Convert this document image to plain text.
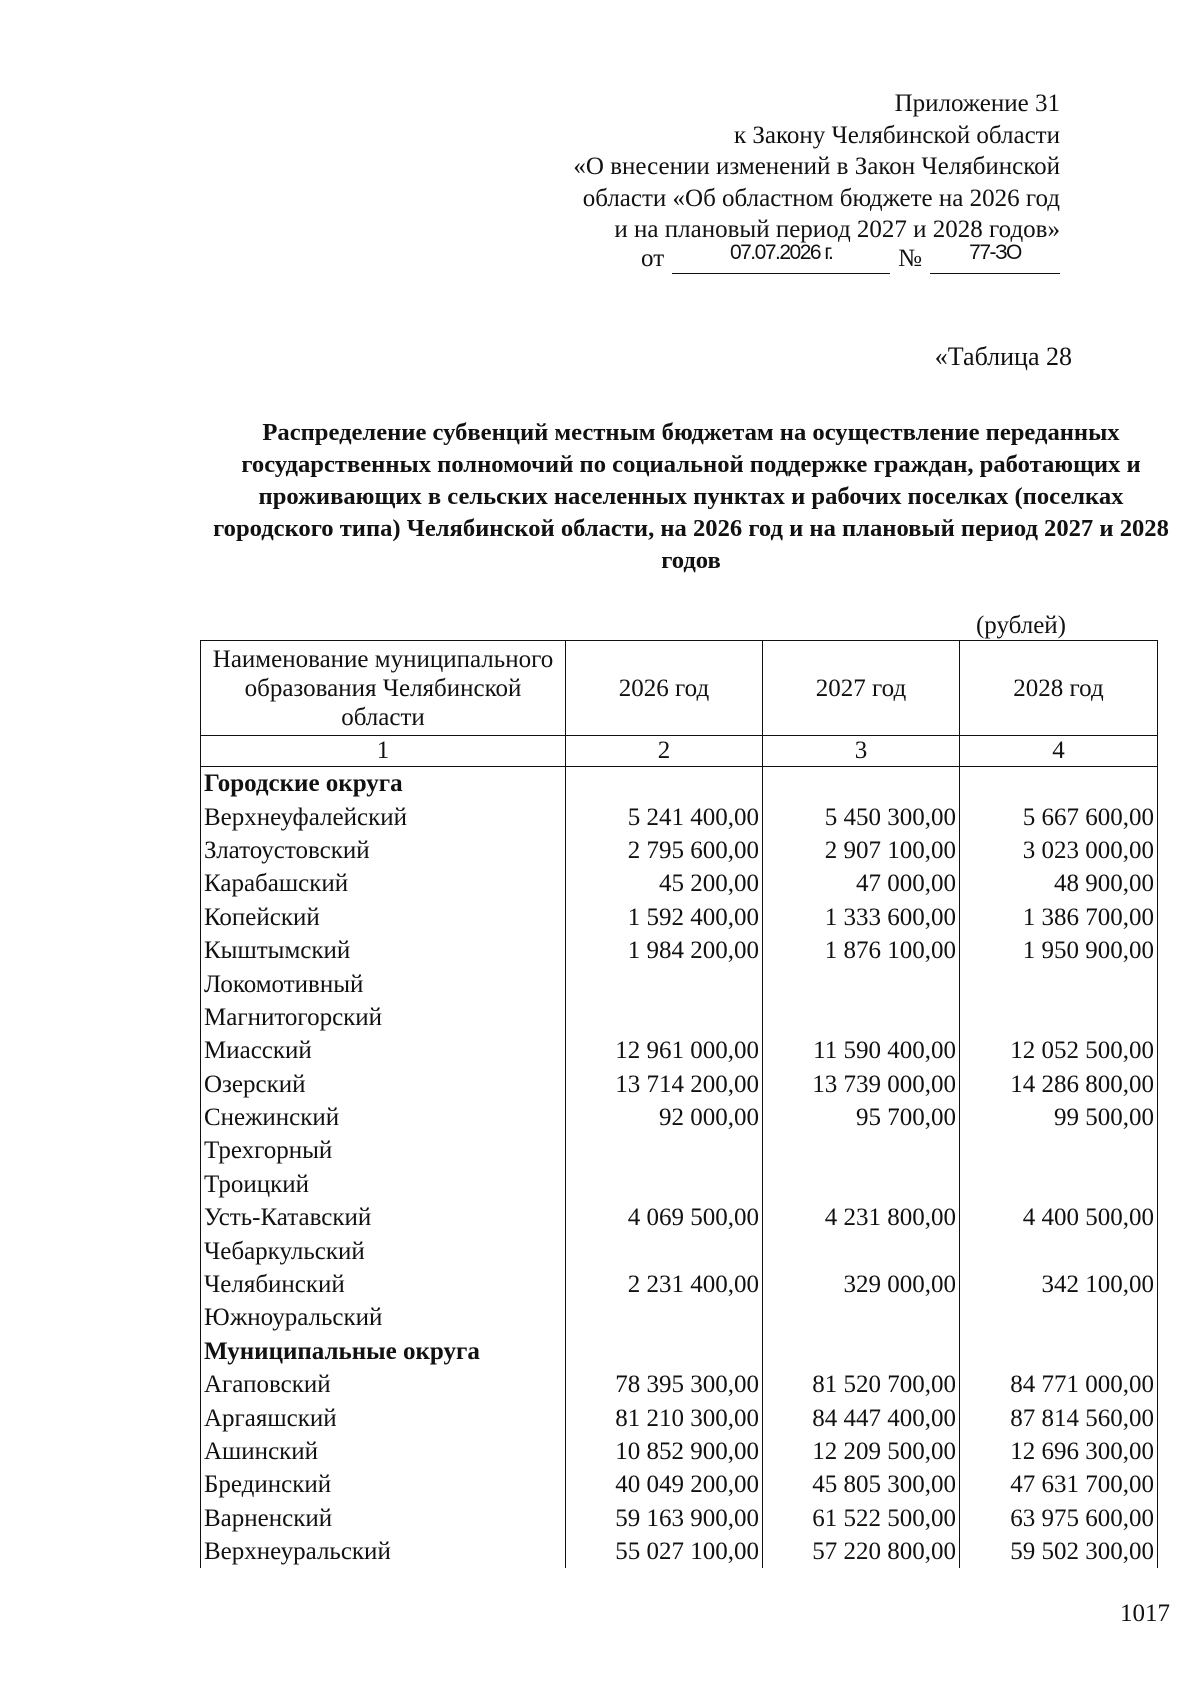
Приложение 31
к Закону Челябинской области
«О внесении изменений в Закон Челябинской
области «Об областном бюджете на 2026 год
и на плановый период 2027 и 2028 годов»
от	07.07.2026 г.	№	77-ЗО
«Таблица 28
Распределение субвенций местным бюджетам на осуществление переданных государственных полномочий по социальной поддержке граждан, работающих и проживающих в сельских населенных пунктах и рабочих поселках (поселках городского типа) Челябинской области, на 2026 год и на плановый период 2027 и 2028 годов
(рублей)
Наименование муниципального образования Челябинской области	2026 год	2027 год	2028 год
1	2	3	4
Городские округа			
Верхнеуфалейский	5 241 400,00	5 450 300,00	5 667 600,00
Златоустовский	2 795 600,00	2 907 100,00	3 023 000,00
Карабашский	45 200,00	47 000,00	48 900,00
Копейский	1 592 400,00	1 333 600,00	1 386 700,00
Кыштымский	1 984 200,00	1 876 100,00	1 950 900,00
Локомотивный			
Магнитогорский			
Миасский	12 961 000,00	11 590 400,00	12 052 500,00
Озерский	13 714 200,00	13 739 000,00	14 286 800,00
Снежинский	92 000,00	95 700,00	99 500,00
Трехгорный			
Троицкий			
Усть-Катавский	4 069 500,00	4 231 800,00	4 400 500,00
Чебаркульский			
Челябинский	2 231 400,00	329 000,00	342 100,00
Южноуральский			
Муниципальные округа			
Агаповский	78 395 300,00	81 520 700,00	84 771 000,00
Аргаяшский	81 210 300,00	84 447 400,00	87 814 560,00
Ашинский	10 852 900,00	12 209 500,00	12 696 300,00
Брединский	40 049 200,00	45 805 300,00	47 631 700,00
Варненский	59 163 900,00	61 522 500,00	63 975 600,00
Верхнеуральский	55 027 100,00	57 220 800,00	59 502 300,00
1017
